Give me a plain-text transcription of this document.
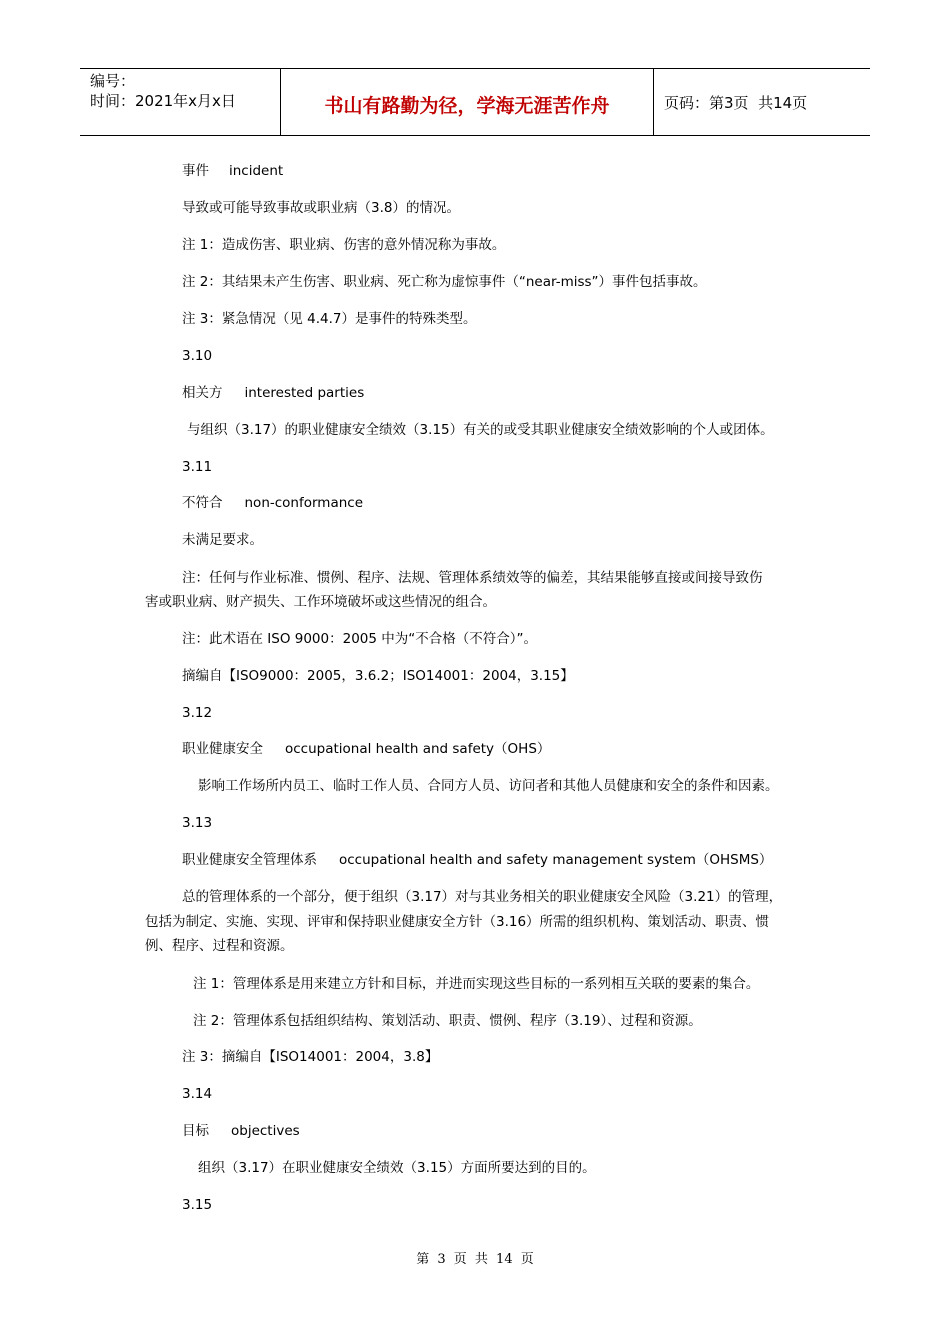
编号：
时间：2021年x月x日	书山有路勤为径，学海无涯苦作舟	页码：第3页  共14页
事件 incident
导致或可能导致事故或职业病（3.8）的情况。
注 1：造成伤害、职业病、伤害的意外情况称为事故。
注 2：其结果未产生伤害、职业病、死亡称为虚惊事件（“near-miss”）事件包括事故。
注 3：紧急情况（见 4.4.7）是事件的特殊类型。
3.10
相关方 interested parties
与组织（3.17）的职业健康安全绩效（3.15）有关的或受其职业健康安全绩效影响的个人或团体。
3.11
不符合 non-conformance
未满足要求。
注：任何与作业标准、惯例、程序、法规、管理体系绩效等的偏差，其结果能够直接或间接导致伤
害或职业病、财产损失、工作环境破坏或这些情况的组合。
注：此术语在 ISO 9000：2005 中为“不合格（不符合）”。
摘编自【ISO9000：2005，3.6.2；ISO14001：2004，3.15】
3.12
职业健康安全 occupational health and safety（OHS）
影响工作场所内员工、临时工作人员、合同方人员、访问者和其他人员健康和安全的条件和因素。
3.13
职业健康安全管理体系 occupational health and safety management system（OHSMS）
总的管理体系的一个部分，便于组织（3.17）对与其业务相关的职业健康安全风险（3.21）的管理，
包括为制定、实施、实现、评审和保持职业健康安全方针（3.16）所需的组织机构、策划活动、职责、惯
例、程序、过程和资源。
注 1：管理体系是用来建立方针和目标，并进而实现这些目标的一系列相互关联的要素的集合。
注 2：管理体系包括组织结构、策划活动、职责、惯例、程序（3.19）、过程和资源。
注 3：摘编自【ISO14001：2004，3.8】
3.14
目标 objectives
组织（3.17）在职业健康安全绩效（3.15）方面所要达到的目的。
3.15
第 3 页 共 14 页
